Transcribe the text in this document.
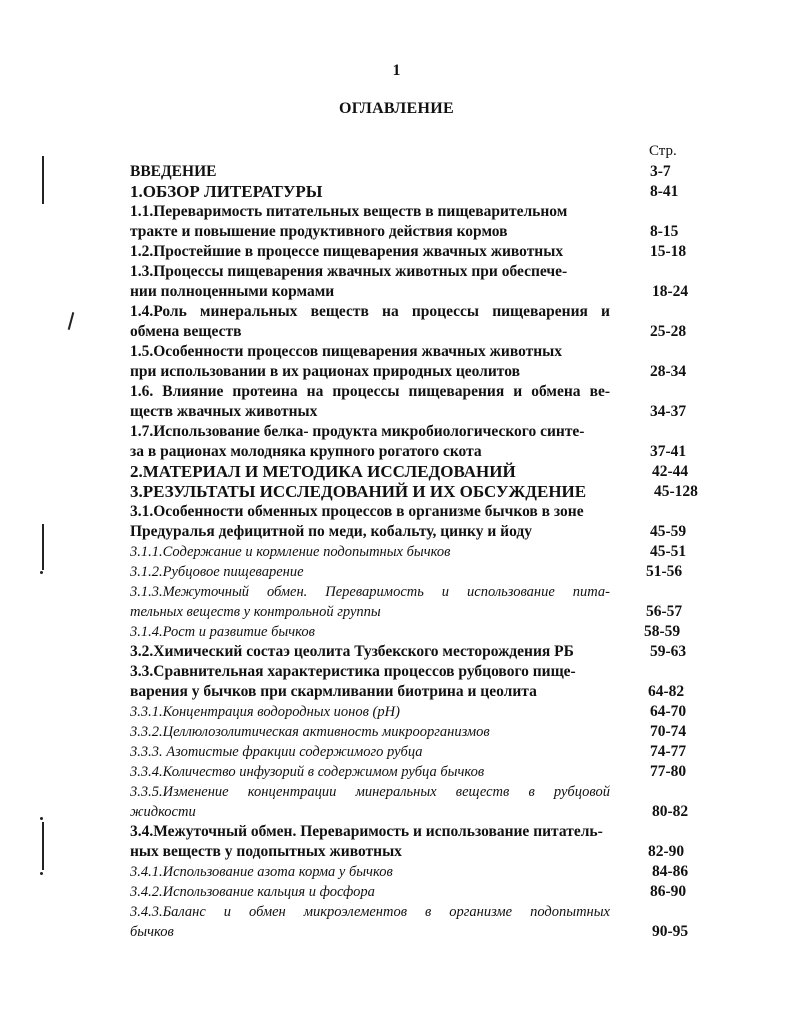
1
ОГЛАВЛЕНИЕ
Стр.
ВВЕДЕНИЕ	3-7
1.ОБЗОР ЛИТЕРАТУРЫ	8-41
1.1.Переваримость питательных веществ в пищеварительном
тракте и повышение продуктивного действия кормов	8-15
1.2.Простейшие в процессе пищеварения жвачных животных	15-18
1.3.Процессы пищеварения жвачных животных при обеспече-
нии полноценными кормами	18-24
1.4.Роль минеральных веществ на процессы пищеварения и
обмена веществ	25-28
1.5.Особенности процессов пищеварения жвачных животных
при использовании в их рационах природных цеолитов	28-34
1.6. Влияние протеина на процессы пищеварения и обмена ве-
ществ жвачных животных	34-37
1.7.Использование белка- продукта микробиологического синте-
за в рационах молодняка крупного рогатого скота	37-41
2.МАТЕРИАЛ И МЕТОДИКА ИССЛЕДОВАНИЙ	42-44
3.РЕЗУЛЬТАТЫ ИССЛЕДОВАНИЙ И ИХ ОБСУЖДЕНИЕ	45-128
3.1.Особенности обменных процессов в организме бычков в зоне
Предуралья дефицитной по меди, кобальту, цинку и йоду	45-59
3.1.1.Содержание и кормление подопытных бычков	45-51
3.1.2.Рубцовое пищеварение	51-56
3.1.3.Межуточный обмен. Переваримость и использование пита-
тельных веществ у контрольной группы	56-57
3.1.4.Рост и развитие бычков	58-59
3.2.Химический состаэ цеолита Тузбекского месторождения РБ	59-63
3.3.Сравнительная характеристика процессов рубцового пище-
варения у бычков при скармливании биотрина и цеолита	64-82
3.3.1.Концентрация водородных ионов (рН)	64-70
3.3.2.Целлюлозолитическая активность микроорганизмов	70-74
3.3.3. Азотистые фракции содержимого рубца	74-77
3.3.4.Количество инфузорий в содержимом рубца бычков	77-80
3.3.5.Изменение концентрации минеральных веществ в рубцовой
жидкости	80-82
3.4.Межуточный обмен. Переваримость и использование питатель-
ных веществ у подопытных животных	82-90
3.4.1.Использование азота корма у бычков	84-86
3.4.2.Использование кальция и фосфора	86-90
3.4.3.Баланс и обмен микроэлементов в организме подопытных
бычков	90-95
